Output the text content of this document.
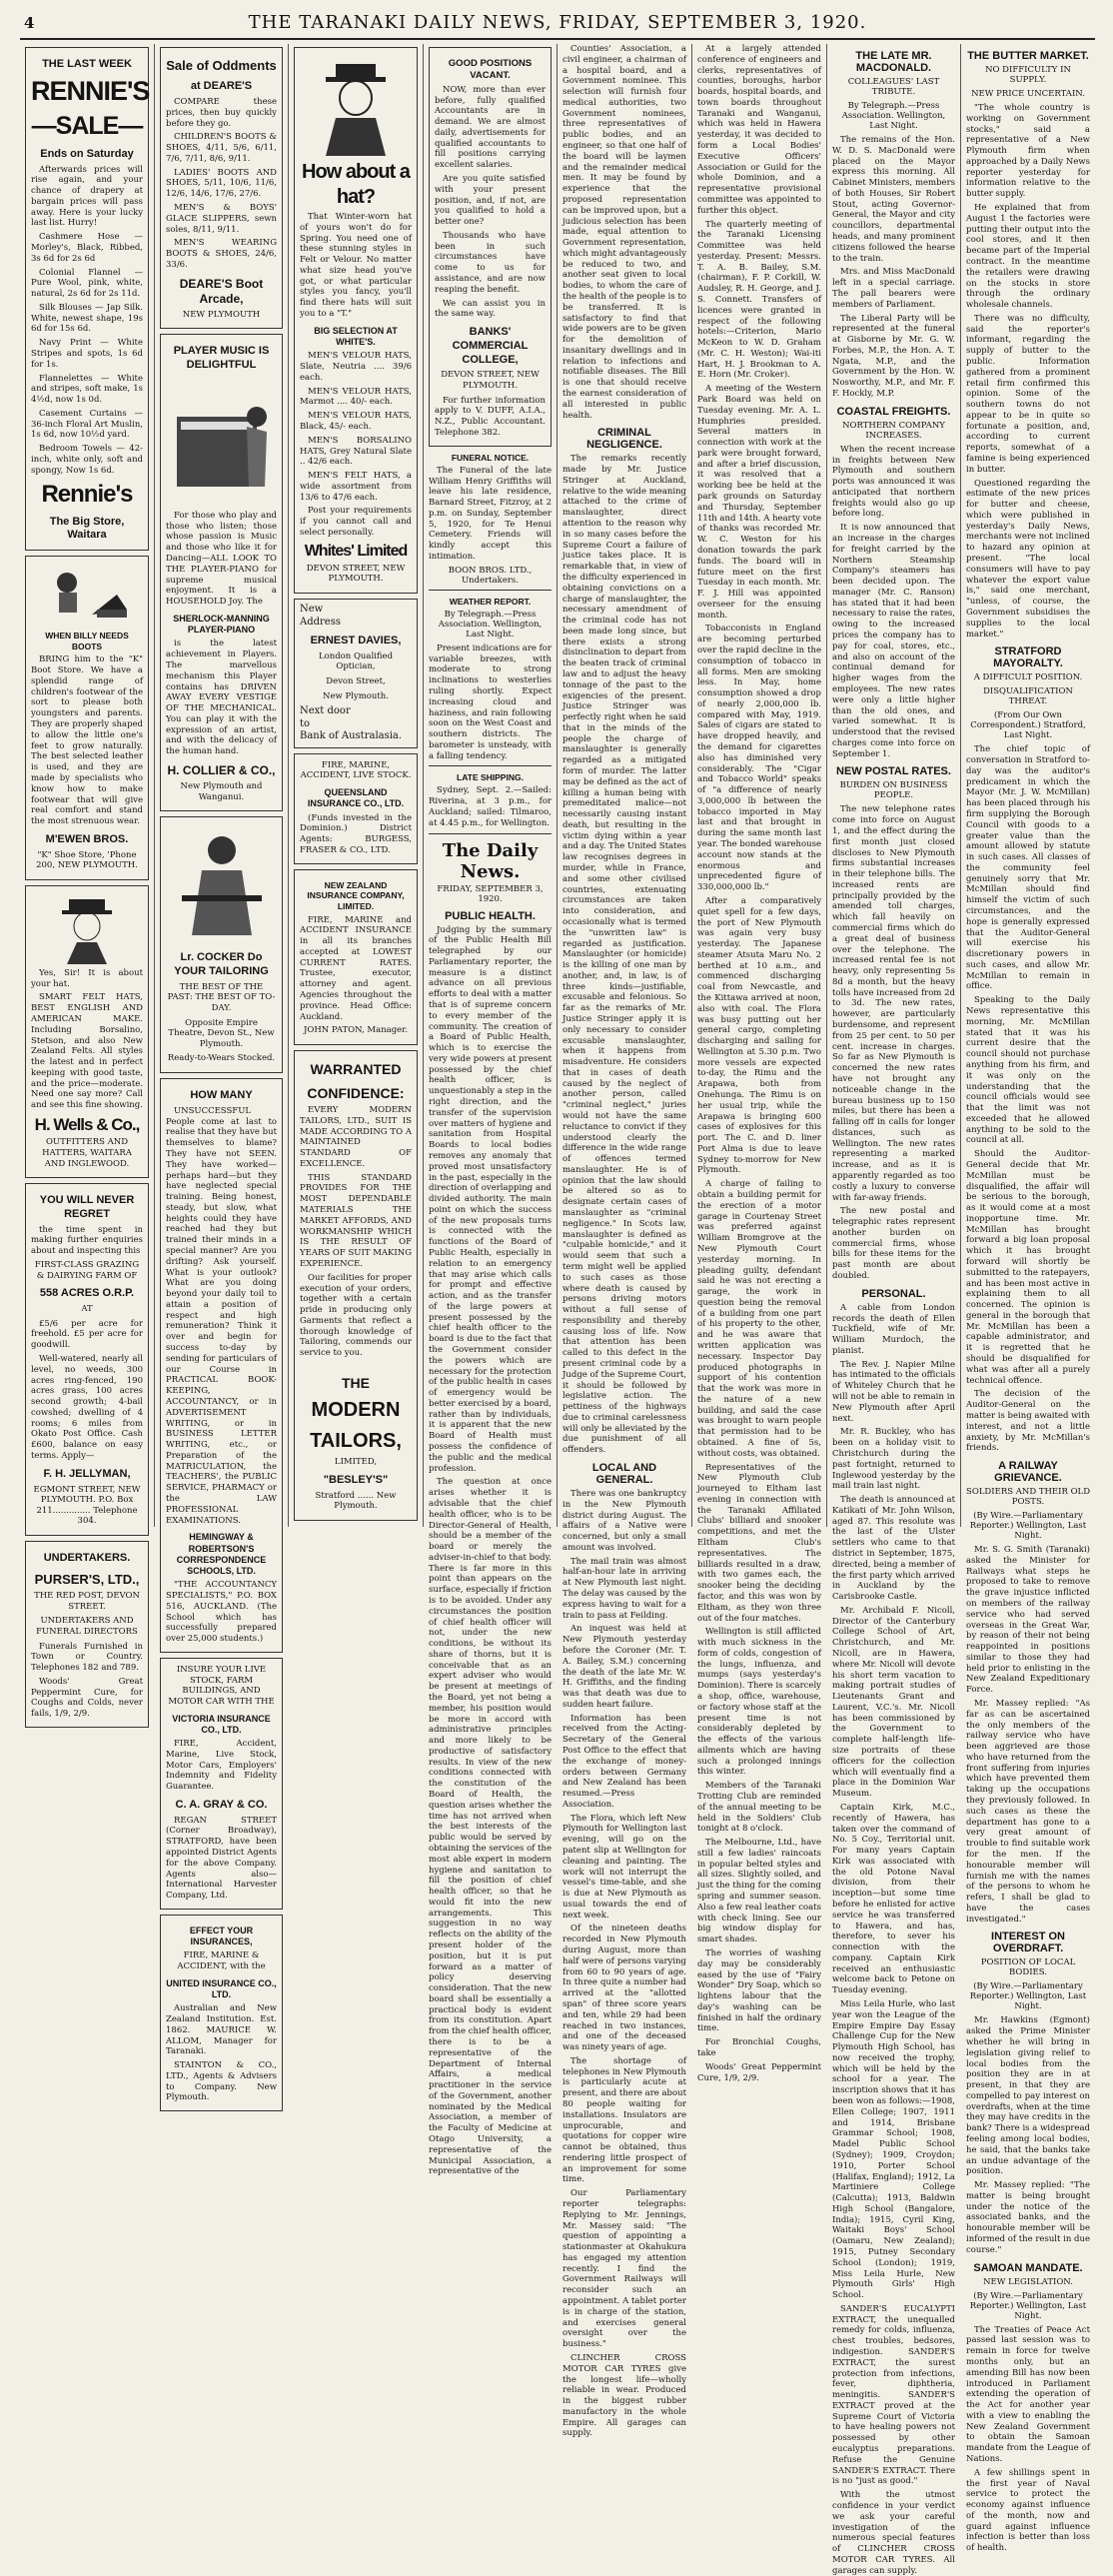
4	THE TARANAKI DAILY NEWS, FRIDAY, SEPTEMBER 3, 1920.
THE LAST WEEK
RENNIE'S
—SALE—
Ends on Saturday

Afterwards prices will rise again, and your chance of drapery at bargain prices will pass away. Here is your lucky last list. Hurry!

Cashmere Hose — Morley's, Black, Ribbed, 3s 6d for 2s 6d

Colonial Flannel — Pure Wool, pink, white, natural, 2s 6d for 2s 11d.

Silk Blouses — Jap Silk. White, newest shape, 19s 6d for 15s 6d.

Navy Print — White Stripes and spots, 1s 6d for 1s.

Flannelettes — White and stripes, soft make, 1s 4½d, now 1s 0d.

Casement Curtains — 36-inch Floral Art Muslin, 1s 6d, now 10½d yard.

Bedroom Towels — 42-inch, white only, soft and spongy, Now 1s 6d.

Rennie's
The Big Store, Waitara
WHEN BILLY NEEDS BOOTS

BRING him to the "K" Boot Store. We have a splendid range of children's footwear of the sort to please both youngsters and parents. They are properly shaped to allow the little one's feet to grow naturally. The best selected leather is used, and they are made by specialists who know how to make footwear that will give real comfort and stand the most strenuous wear.

M'EWEN BROS.
"K" Shoe Store, 'Phone 200, NEW PLYMOUTH.

Yes, Sir! It is about your hat.

SMART FELT HATS, BEST ENGLISH AND AMERICAN MAKE. Including Borsalino, Stetson, and also New Zealand Felts. All styles the latest and in perfect keeping with good taste, and the price—moderate. Need one say more? Call and see this fine showing.

H. Wells & Co.,
OUTFITTERS AND HATTERS, WAITARA AND INGLEWOOD.
YOU WILL NEVER REGRET

the time spent in making further enquiries about and inspecting this

FIRST-CLASS GRAZING & DAIRYING FARM OF
558 ACRES O.R.P.
AT

£5/6 per acre for freehold. £5 per acre for goodwill.

Well-watered, nearly all level, no weeds, 300 acres ring-fenced, 190 acres grass, 100 acres second growth; 4-bail cowshed; dwelling of 4 rooms; 6 miles from Okato Post Office. Cash £600, balance on easy terms. Apply—

F. H. JELLYMAN,
EGMONT STREET, NEW PLYMOUTH. P.O. Box 211.............. Telephone 304.
UNDERTAKERS.
PURSER'S, LTD.,
THE RED POST, DEVON STREET.
UNDERTAKERS AND FUNERAL DIRECTORS

Funerals Furnished in Town or Country. Telephones 182 and 789.

Woods' Great Peppermint Cure, for Coughs and Colds, never fails, 1/9, 2/9.

Sale of Oddments
at DEARE'S

COMPARE these prices, then buy quickly before they go.

CHILDREN'S BOOTS & SHOES, 4/11, 5/6, 6/11, 7/6, 7/11, 8/6, 9/11.

LADIES' BOOTS AND SHOES, 5/11, 10/6, 11/6, 12/6, 14/6, 17/6, 27/6.

MEN'S & BOYS' GLACE SLIPPERS, sewn soles, 8/11, 9/11.

MEN'S WEARING BOOTS & SHOES, 24/6, 33/6.

DEARE'S Boot Arcade,
NEW PLYMOUTH
PLAYER MUSIC IS DELIGHTFUL

For those who play and those who listen; those whose passion is Music and those who like it for Dancing—ALL LOOK TO THE PLAYER-PIANO for supreme musical enjoyment. It is a HOUSEHOLD Joy. The

SHERLOCK-MANNING PLAYER-PIANO

is the latest achievement in Players. The marvellous mechanism this Player contains has DRIVEN AWAY EVERY VESTIGE OF THE MECHANICAL. You can play it with the expression of an artist, and with the delicacy of the human hand.

H. COLLIER & CO.,
New Plymouth and Wanganui.
Lr. COCKER Do YOUR TAILORING
THE BEST OF THE PAST: THE BEST OF TO-DAY.
Opposite Empire Theatre, Devon St., New Plymouth.
Ready-to-Wears Stocked.
HOW MANY

UNSUCCESSFUL People come at last to realise that they have but themselves to blame? They have not SEEN. They have worked—perhaps hard—but they have neglected special training. Being honest, steady, but slow, what heights could they have reached had they but trained their minds in a special manner? Are you drifting? Ask yourself. What is your outlook? What are you doing beyond your daily toil to attain a position of respect and high remuneration? Think it over and begin for success to-day by sending for particulars of our Course in PRACTICAL BOOK-KEEPING, ACCOUNTANCY, or in ADVERTISEMENT WRITING, or in BUSINESS LETTER WRITING, etc., or Preparation of the MATRICULATION, the TEACHERS', the PUBLIC SERVICE, PHARMACY or the LAW PROFESSIONAL EXAMINATIONS.

HEMINGWAY & ROBERTSON'S CORRESPONDENCE SCHOOLS, LTD.

"THE ACCOUNTANCY SPECIALISTS," P.O. BOX 516, AUCKLAND. (The School which has successfully prepared over 25,000 students.)

INSURE YOUR LIVE STOCK, FARM BUILDINGS, AND MOTOR CAR WITH THE
VICTORIA INSURANCE CO., LTD.

FIRE, Accident, Marine, Live Stock, Motor Cars, Employers' Indemnity and Fidelity Guarantee.

C. A. GRAY & CO.

REGAN STREET (Corner Broadway), STRATFORD, have been appointed District Agents for the above Company. Agents also—International Harvester Company, Ltd.

EFFECT YOUR INSURANCES,
FIRE, MARINE & ACCIDENT, with the
UNITED INSURANCE CO., LTD.

Australian and New Zealand Institution. Est. 1862. MAURICE W. ALLOM, Manager for Taranaki.

STAINTON & CO., LTD., Agents & Advisers to Company. New Plymouth.

How about a hat?

That Winter-worn hat of yours won't do for Spring. You need one of these stunning styles in Felt or Velour. No matter what size head you've got, or what particular styles you fancy, you'll find there hats will suit you to a "T."

BIG SELECTION AT WHITE'S.

MEN'S VELOUR HATS, Slate, Neutria .... 39/6 each.

MEN'S VELOUR HATS, Marmot .... 40/- each.

MEN'S VELOUR HATS, Black, 45/- each.

MEN'S BORSALINO HATS, Grey Natural Slate .. 42/6 each.

MEN'S FELT HATS, a wide assortment from 13/6 to 47/6 each.

Post your requirements if you cannot call and select personally.

Whites' Limited
DEVON STREET, NEW PLYMOUTH.
New
Address
ERNEST DAVIES,
London Qualified Optician,
Devon Street,
New Plymouth.
Next door
to
Bank of Australasia.
FIRE, MARINE, ACCIDENT, LIVE STOCK.
QUEENSLAND INSURANCE CO., LTD.

(Funds invested in the Dominion.) District Agents: BURGESS, FRASER & CO., LTD.

NEW ZEALAND INSURANCE COMPANY, LIMITED.

FIRE, MARINE and ACCIDENT INSURANCE in all its branches accepted at LOWEST CURRENT RATES. Trustee, executor, attorney and agent. Agencies throughout the province. Head Office: Auckland.

JOHN PATON, Manager.
WARRANTED
CONFIDENCE:

EVERY MODERN TAILORS, LTD., SUIT IS MADE ACCORDING TO A MAINTAINED STANDARD OF EXCELLENCE.

THIS STANDARD PROVIDES FOR THE MOST DEPENDABLE MATERIALS THE MARKET AFFORDS, AND WORKMANSHIP WHICH IS THE RESULT OF YEARS OF SUIT MAKING EXPERIENCE.

Our facilities for proper execution of your orders, together with a certain pride in producing only Garments that reflect a thorough knowledge of Tailoring, commends our service to you.

THE
MODERN
TAILORS,
LIMITED,
"BESLEY'S"
Stratford ...... New Plymouth.
GOOD POSITIONS VACANT.

NOW, more than ever before, fully qualified Accountants are in demand. We are almost daily, advertisements for qualified accountants to fill positions carrying excellent salaries.

Are you quite satisfied with your present position, and, if not, are you qualified to hold a better one?

Thousands who have been in such circumstances have come to us for assistance, and are now reaping the benefit.

We can assist you in the same way.

BANKS' COMMERCIAL COLLEGE,
DEVON STREET, NEW PLYMOUTH.

For further information apply to V. DUFF, A.I.A., N.Z., Public Accountant. Telephone 382.

FUNERAL NOTICE.

The Funeral of the late William Henry Griffiths will leave his late residence, Barnard Street, Fitzroy, at 2 p.m. on Sunday, September 5, 1920, for Te Henui Cemetery. Friends will kindly accept this intimation.

BOON BROS. LTD., Undertakers.
WEATHER REPORT.
By Telegraph.—Press Association. Wellington, Last Night.

Present indications are for variable breezes, with moderate to strong inclinations to westerlies ruling shortly. Expect increasing cloud and haziness, and rain following soon on the West Coast and southern districts. The barometer is unsteady, with a falling tendency.

LATE SHIPPING.

Sydney, Sept. 2.—Sailed: Riverina, at 3 p.m., for Auckland; sailed: Tilmaroo, at 4.45 p.m., for Wellington.

The Daily News.
FRIDAY, SEPTEMBER 3, 1920.
PUBLIC HEALTH.

Judging by the summary of the Public Health Bill telegraphed by our Parliamentary reporter, the measure is a distinct advance on all previous efforts to deal with a matter that is of supreme concern to every member of the community. The creation of a Board of Public Health, which is to exercise the very wide powers at present possessed by the chief health officer, is unquestionably a step in the right direction, and the transfer of the supervision over matters of hygiene and sanitation from Hospital Boards to local bodies removes any anomaly that proved most unsatisfactory in the past, especially in the direction of overlapping and divided authority. The main point on which the success of the new proposals turns is connected with the functions of the Board of Public Health, especially in relation to an emergency that may arise which calls for prompt and effective action, and as the transfer of the large powers at present possessed by the chief health officer to the board is due to the fact that the Government consider the powers which are necessary for the protection of the public health in cases of emergency would be better exercised by a board, rather than by individuals, it is apparent that the new Board of Health must possess the confidence of the public and the medical profession.

The question at once arises whether it is advisable that the chief health officer, who is to be Director-General of Health, should be a member of the board or merely the adviser-in-chief to that body. There is far more in this point than appears on the surface, especially if friction is to be avoided. Under any circumstances the position of chief health officer will not, under the new conditions, be without its share of thorns, but it is conceivable that as an expert adviser who would be present at meetings of the Board, yet not being a member, his position would be more in accord with administrative principles and more likely to be productive of satisfactory results. In view of the new conditions connected with the constitution of the Board of Health, the question arises whether the time has not arrived when the best interests of the public would be served by obtaining the services of the most able expert in modern hygiene and sanitation to fill the position of chief health officer, so that he would fit into the new arrangements. This suggestion in no way reflects on the ability of the present holder of the position, but it is put forward as a matter of policy deserving consideration. That the new board shall be essentially a practical body is evident from its constitution. Apart from the chief health officer, there is to be a representative of the Department of Internal Affairs, a medical practitioner in the service of the Government, another nominated by the Medical Association, a member of the Faculty of Medicine at Otago University, a representative of the Municipal Association, a representative of the

Counties' Association, a civil engineer, a chairman of a hospital board, and a Government nominee. This selection will furnish four medical authorities, two Government nominees, three representatives of public bodies, and an engineer, so that one half of the board will be laymen and the remainder medical men. It may be found by experience that the proposed representation can be improved upon, but a judicious selection has been made, equal attention to Government representation, which might advantageously be reduced to two, and another seat given to local bodies, to whom the care of the health of the people is to be transferred. It is satisfactory to find that wide powers are to be given for the demolition of insanitary dwellings and in relation to infections and notifiable diseases. The Bill is one that should receive the earnest consideration of all interested in public health.

CRIMINAL NEGLIGENCE.

The remarks recently made by Mr. Justice Stringer at Auckland, relative to the wide meaning attached to the crime of manslaughter, direct attention to the reason why in so many cases before the Supreme Court a failure of justice takes place. It is remarkable that, in view of the difficulty experienced in obtaining convictions on a charge of manslaughter, the necessary amendment of the criminal code has not been made long since, but there exists a strong disinclination to depart from the beaten track of criminal law and to adjust the heavy tonnage of the past to the exigencies of the present. Justice Stringer was perfectly right when he said that in the minds of the people the charge of manslaughter is generally regarded as a mitigated form of murder. The latter may be defined as the act of killing a human being with premeditated malice—not necessarily causing instant death, but resulting in the victim dying within a year and a day. The United States law recognises degrees in murder, while in France, and some other civilised countries, extenuating circumstances are taken into consideration, and occasionally what is termed the "unwritten law" is regarded as justification. Manslaughter (or homicide) is the killing of one man by another, and, in law, is of three kinds—justifiable, excusable and felonious. So far as the remarks of Mr. Justice Stringer apply it is only necessary to consider excusable manslaughter, when it happens from misadventure. He considers that in cases of death caused by the neglect of another person, called "criminal neglect," juries would not have the same reluctance to convict if they understood clearly the difference in the wide range of offences termed manslaughter. He is of opinion that the law should be altered so as to designate certain cases of manslaughter as "criminal negligence." In Scots law, manslaughter is defined as "culpable homicide," and it would seem that such a term might well be applied to such cases as those where death is caused by persons driving motors without a full sense of responsibility and thereby causing loss of life. Now that attention has been called to this defect in the present criminal code by a Judge of the Supreme Court, it should be followed by legislative action. The pettiness of the highways due to criminal carelessness will only be alleviated by the due punishment of all offenders.

LOCAL AND GENERAL.

There was one bankruptcy in the New Plymouth district during August. The affairs of a Native were concerned, but only a small amount was involved.

The mail train was almost half-an-hour late in arriving at New Plymouth last night. The delay was caused by the express having to wait for a train to pass at Feilding.

An inquest was held at New Plymouth yesterday before the Coroner (Mr. T. A. Bailey, S.M.) concerning the death of the late Mr. W. H. Griffiths, and the finding was that death was due to sudden heart failure.

Information has been received from the Acting-Secretary of the General Post Office to the effect that the exchange of money-orders between Germany and New Zealand has been resumed.—Press Association.

The Flora, which left New Plymouth for Wellington last evening, will go on the patent slip at Wellington for cleaning and painting. The work will not interrupt the vessel's time-table, and she is due at New Plymouth as usual towards the end of next week.

Of the nineteen deaths recorded in New Plymouth during August, more than half were of persons varying from 60 to 90 years of age. In three quite a number had arrived at the "allotted span" of three score years and ten, while 29 had been reached in two instances, and one of the deceased was ninety years of age.

The shortage of telephones in New Plymouth is particularly acute at present, and there are about 80 people waiting for installations. Insulators are unprocurable, and quotations for copper wire cannot be obtained, thus rendering little prospect of an improvement for some time.

Our Parliamentary reporter telegraphs: Replying to Mr. Jennings, Mr. Massey said: "The question of appointing a stationmaster at Okahukura has engaged my attention recently. I find the Government Railways will reconsider such an appointment. A tablet porter is in charge of the station, and exercises general oversight over the business."

CLINCHER CROSS MOTOR CAR TYRES give the longest life—wholly reliable in wear. Produced in the biggest rubber manufactory in the whole Empire. All garages can supply.

At a largely attended conference of engineers and clerks, representatives of counties, boroughs, harbor boards, hospital boards, and town boards throughout Taranaki and Wanganui, which was held in Hawera yesterday, it was decided to form a Local Bodies' Executive Officers' Association or Guild for the whole Dominion, and a representative provisional committee was appointed to further this object.

The quarterly meeting of the Taranaki Licensing Committee was held yesterday. Present: Messrs. T. A. B. Bailey, S.M. (chairman), F. P. Corkill, W. Audsley, R. H. George, and J. S. Connett. Transfers of licences were granted in respect of the following hotels:—Criterion, Mario McKeon to W. D. Graham (Mr. C. H. Weston); Wai-iti Hart, H. J. Brookman to A. E. Horn (Mr. Croker).

A meeting of the Western Park Board was held on Tuesday evening. Mr. A. L. Humphries presided. Several matters in connection with work at the park were brought forward, and after a brief discussion, it was resolved that a working bee be held at the park grounds on Saturday and Thursday, September 11th and 14th. A hearty vote of thanks was recorded Mr. W. C. Weston for his donation towards the park funds. The board will in future meet on the first Tuesday in each month. Mr. F. J. Hill was appointed overseer for the ensuing month.

Tobacconists in England are becoming perturbed over the rapid decline in the consumption of tobacco in all forms. Men are smoking less. In May, home consumption showed a drop of nearly 2,000,000 lb. compared with May, 1919. Sales of cigars are stated to have dropped heavily, and the demand for cigarettes also has diminished very considerably. The "Cigar and Tobacco World" speaks of "a difference of nearly 3,000,000 lb between the tobacco imported in May last and that brought in during the same month last year. The bonded warehouse account now stands at the enormous and unprecedented figure of 330,000,000 lb."

After a comparatively quiet spell for a few days, the port of New Plymouth was again very busy yesterday. The Japanese steamer Atsuta Maru No. 2 berthed at 10 a.m., and commenced discharging coal from Newcastle, and the Kittawa arrived at noon, also with coal. The Flora was busy putting out her general cargo, completing discharging and sailing for Wellington at 5.30 p.m. Two more vessels are expected to-day, the Rimu and the Arapawa, both from Onehunga. The Rimu is on her usual trip, while the Arapawa is bringing 600 cases of explosives for this port. The C. and D. liner Port Alma is due to leave Sydney to-morrow for New Plymouth.

A charge of failing to obtain a building permit for the erection of a motor garage in Courtenay Street was preferred against William Bromgrove at the New Plymouth Court yesterday morning. In pleading guilty, defendant said he was not erecting a garage, the work in question being the removal of a building from one part of his property to the other, and he was aware that written application was necessary. Inspector Day produced photographs in support of his contention that the work was more in the nature of a new building, and said the case was brought to warn people that permission had to be obtained. A fine of 5s, without costs, was obtained.

Representatives of the New Plymouth Club journeyed to Eltham last evening in connection with the Taranaki Affiliated Clubs' billiard and snooker competitions, and met the Eltham Club's representatives. The billiards resulted in a draw, with two games each, the snooker being the deciding factor, and this was won by Eltham, as they won three out of the four matches.

Wellington is still afflicted with much sickness in the form of colds, congestion of the lungs, influenza, and mumps (says yesterday's Dominion). There is scarcely a shop, office, warehouse, or factory whose staff at the present time is not considerably depleted by the effects of the various ailments which are having such a prolonged innings this winter.

Members of the Taranaki Trotting Club are reminded of the annual meeting to be held in the Soldiers' Club tonight at 8 o'clock.

The Melbourne, Ltd., have still a few ladies' raincoats in popular belted styles and all sizes. Slightly soiled, and just the thing for the coming spring and summer season. Also a few real leather coats with check lining. See our big window display for smart shades.

The worries of washing day may be considerably eased by the use of "Fairy Wonder" Dry Soap, which so lightens labour that the day's washing can be finished in half the ordinary time.

For Bronchial Coughs, take

Woods' Great Peppermint Cure, 1/9, 2/9.

THE LATE MR. MACDONALD.
COLLEAGUES' LAST TRIBUTE.
By Telegraph.—Press Association. Wellington, Last Night.

The remains of the Hon. W. D. S. MacDonald were placed on the Mayor express this morning. All Cabinet Ministers, members of both Houses, Sir Robert Stout, acting Governor-General, the Mayor and city councillors, departmental heads, and many prominent citizens followed the hearse to the train.

Mrs. and Miss MacDonald left in a special carriage. The pall bearers were members of Parliament.

The Liberal Party will be represented at the funeral at Gisborne by Mr. G. W. Forbes, M.P., the Hon. A. T. Ngata, M.P., and the Government by the Hon. W. Nosworthy, M.P., and Mr. F. F. Hockly, M.P.

COASTAL FREIGHTS.
NORTHERN COMPANY INCREASES.

When the recent increase in freights between New Plymouth and southern ports was announced it was anticipated that northern freights would also go up before long.

It is now announced that an increase in the charges for freight carried by the Northern Steamship Company's steamers has been decided upon. The manager (Mr. C. Ranson) has stated that it had been necessary to raise the rates, owing to the increased prices the company has to pay for coal, stores, etc., and also on account of the continual demand for higher wages from the employees. The new rates were only a little higher than the old ones, and varied somewhat. It is understood that the revised charges come into force on September 1.

NEW POSTAL RATES.
BURDEN ON BUSINESS PEOPLE.

The new telephone rates come into force on August 1, and the effect during the first month just closed discloses to New Plymouth firms substantial increases in their telephone bills. The increased rents are principally provided by the amended toll charges, which fall heavily on commercial firms which do a great deal of business over the telephone. The increased rental fee is not heavy, only representing 5s 8d a month, but the heavy tolls have increased from 2d to 3d. The new rates, however, are particularly burdensome, and represent from 25 per cent. to 50 per cent. increase in charges. So far as New Plymouth is concerned the new rates have not brought any noticeable change in the bureau business up to 150 miles, but there has been a falling off in calls for longer distances, such as Wellington. The new rates representing a marked increase, and as it is apparently regarded as too costly a luxury to converse with far-away friends.

The new postal and telegraphic rates represent another burden on commercial firms, whose bills for these items for the past month are about doubled.

PERSONAL.

A cable from London records the death of Ellen Tuckfield, wife of Mr. William Murdoch, the pianist.

The Rev. J. Napier Milne has intimated to the officials of Whiteley Church that he will not be able to remain in New Plymouth after April next.

Mr. R. Buckley, who has been on a holiday visit to Christchurch during the past fortnight, returned to Inglewood yesterday by the mail train last night.

The death is announced at Katikati of Mr. John Wilson, aged 87. This resolute was the last of the Ulster settlers who came to that district in September, 1875, directed, being a member of the first party which arrived in Auckland by the Carisbrooke Castle.

Mr. Archibald F. Nicoll, Director of the Canterbury College School of Art, Christchurch, and Mr. Nicoll, are in Hawera, where Mr. Nicoll will devote his short term vacation to making portrait studies of Lieutenants Grant and Laurent, V.C.'s. Mr. Nicoll has been commissioned by the Government to complete half-length life-size portraits of these officers for the collection which will eventually find a place in the Dominion War Museum.

Captain Kirk, M.C., recently of Hawera, has taken over the command of No. 5 Coy., Territorial unit. For many years Captain Kirk was associated with the old Potone Naval division, from their inception—but some time before he enlisted for active service he was transferred to Hawera, and has, therefore, to sever his connection with the company. Captain Kirk received an enthusiastic welcome back to Petone on Tuesday evening.

Miss Leila Hurle, who last year won the League of the Empire Empire Day Essay Challenge Cup for the New Plymouth High School, has now received the trophy, which will be held by the school for a year. The inscription shows that it has been won as follows:—1908, Ellen College; 1907, 1911 and 1914, Brisbane Grammar School; 1908, Madel Public School (Sydney); 1909, Croydon; 1910, Porter School (Halifax, England); 1912, La Martiniere College (Calcutta); 1913, Baldwin High School (Bangalore, India); 1915, Cyril King, Waitaki Boys' School (Oamaru, New Zealand); 1915, Putney Secondary School (London); 1919, Miss Leila Hurle, New Plymouth Girls' High School.

SANDER'S EUCALYPTI EXTRACT, the unequalled remedy for colds, influenza, chest troubles, bedsores, indigestion. SANDER'S EXTRACT, the surest protection from infections, fever, diphtheria, meningitis. SANDER'S EXTRACT proved at the Supreme Court of Victoria to have healing powers not possessed by other eucalyptus preparations. Refuse the Genuine SANDER'S EXTRACT. There is no "just as good."

With the utmost confidence in your verdict we ask your careful investigation of the numerous special features of CLINCHER CROSS MOTOR CAR TYRES. All garages can supply.

THE BUTTER MARKET.
NO DIFFICULTY IN SUPPLY.
NEW PRICE UNCERTAIN.

"The whole country is working on Government stocks," said a representative of a New Plymouth firm when approached by a Daily News reporter yesterday for information relative to the butter supply.

He explained that from August 1 the factories were putting their output into the cool stores, and it then became part of the Imperial contract. In the meantime the retailers were drawing on the stocks in store through the ordinary wholesale channels.

There was no difficulty, said the reporter's informant, regarding the supply of butter to the public. Information gathered from a prominent retail firm confirmed this opinion. Some of the southern towns do not appear to be in quite so fortunate a position, and, according to current reports, somewhat of a famine is being experienced in butter.

Questioned regarding the estimate of the new prices for butter and cheese, which were published in yesterday's Daily News, merchants were not inclined to hazard any opinion at present. "The local consumers will have to pay whatever the export value is," said one merchant, "unless, of course, the Government subsidises the supplies to the local market."

STRATFORD MAYORALTY.
A DIFFICULT POSITION.
DISQUALIFICATION THREAT.
(From Our Own Correspondent.) Stratford, Last Night.

The chief topic of conversation in Stratford to-day was the auditor's predicament in which the Mayor (Mr. J. W. McMillan) has been placed through his firm supplying the Borough Council with goods to a greater value than the amount allowed by statute in such cases. All classes of the community feel genuinely sorry that Mr. McMillan should find himself the victim of such circumstances, and the hope is generally expressed that the Auditor-General will exercise his discretionary powers in such cases, and allow Mr. McMillan to remain in office.

Speaking to the Daily News representative this morning, Mr. McMillan stated that it was his current desire that the council should not purchase anything from his firm, and it was only on the understanding that the council officials would see that the limit was not exceeded that he allowed anything to be sold to the council at all.

Should the Auditor-General decide that Mr. McMillan must be disqualified, the affair will be serious to the borough, as it would come at a most inopportune time. Mr. McMillan has brought forward a big loan proposal which it has brought forward will shortly be submitted to the ratepayers, and has been most active in explaining them to all concerned. The opinion is general in the borough that Mr. McMillan has been a capable administrator, and it is regretted that he should be disqualified for what was after all a purely technical offence.

The decision of the Auditor-General on the matter is being awaited with interest, and not a little anxiety, by Mr. McMillan's friends.

A RAILWAY GRIEVANCE.
SOLDIERS AND THEIR OLD POSTS.
(By Wire.—Parliamentary Reporter.) Wellington, Last Night.

Mr. S. G. Smith (Taranaki) asked the Minister for Railways what steps he proposed to take to remove the grave injustice inflicted on members of the railway service who had served overseas in the Great War, by reason of their not being reappointed in positions similar to those they had held prior to enlisting in the New Zealand Expeditionary Force.

Mr. Massey replied: "As far as can be ascertained the only members of the railway service who have been aggrieved are those who have returned from the front suffering from injuries which have prevented them taking up the occupations they previously followed. In such cases as these the department has gone to a very great amount of trouble to find suitable work for the men. If the honourable member will furnish me with the names of the persons to whom he refers, I shall be glad to have the cases investigated."

INTEREST ON OVERDRAFT.
POSITION OF LOCAL BODIES.
(By Wire.—Parliamentary Reporter.) Wellington, Last Night.

Mr. Hawkins (Egmont) asked the Prime Minister whether he will bring in legislation giving relief to local bodies from the position they are in at present, in that they are compelled to pay interest on overdrafts, when at the time they may have credits in the bank? There is a widespread feeling among local bodies, he said, that the banks take an undue advantage of the position.

Mr. Massey replied: "The matter is being brought under the notice of the associated banks, and the honourable member will be informed of the result in due course."

SAMOAN MANDATE.
NEW LEGISLATION.
(By Wire.—Parliamentary Reporter.) Wellington, Last Night.

The Treaties of Peace Act passed last session was to remain in force for twelve months only, but an amending Bill has now been introduced in Parliament extending the operation of the Act for another year with a view to enabling the New Zealand Government to obtain the Samoan mandate from the League of Nations.

A few shillings spent in the first year of Naval service to protect the economy against influence of the month, now and guard against influence infection is better than loss of health.
